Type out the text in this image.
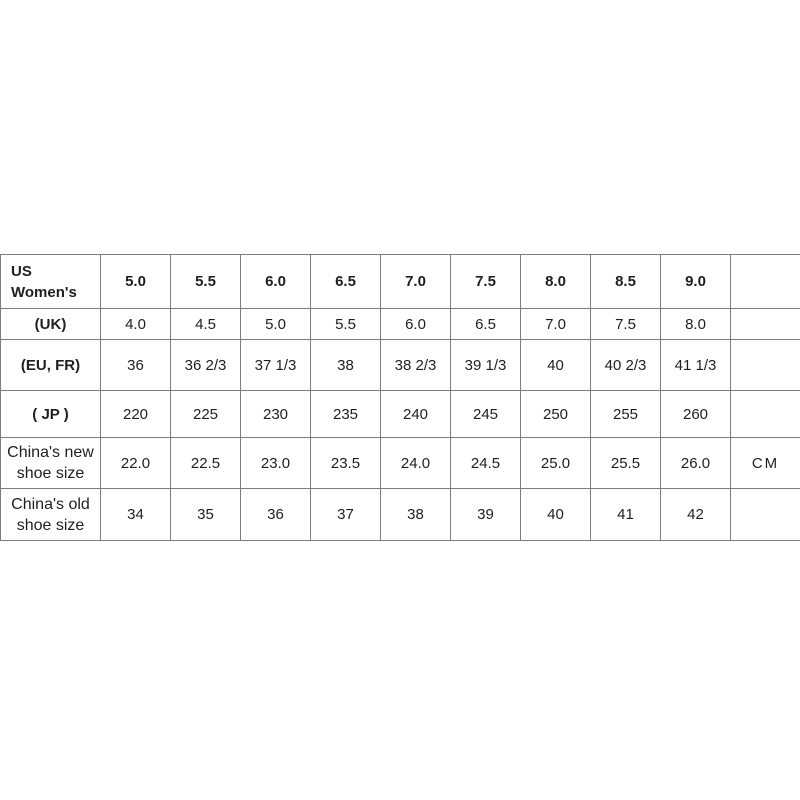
US
Women's	5.0	5.5	6.0	6.5	7.0	7.5	8.0	8.5	9.0	

(UK)	4.0	4.5	5.0	5.5	6.0	6.5	7.0	7.5	8.0	

(EU, FR)	36	36 2/3	37 1/3	38	38 2/3	39 1/3	40	40 2/3	41 1/3	

( JP )	220	225	230	235	240	245	250	255	260	

China's new
shoe size	22.0	22.5	23.0	23.5	24.0	24.5	25.0	25.5	26.0	CM

China's old
shoe size	34	35	36	37	38	39	40	41	42	
